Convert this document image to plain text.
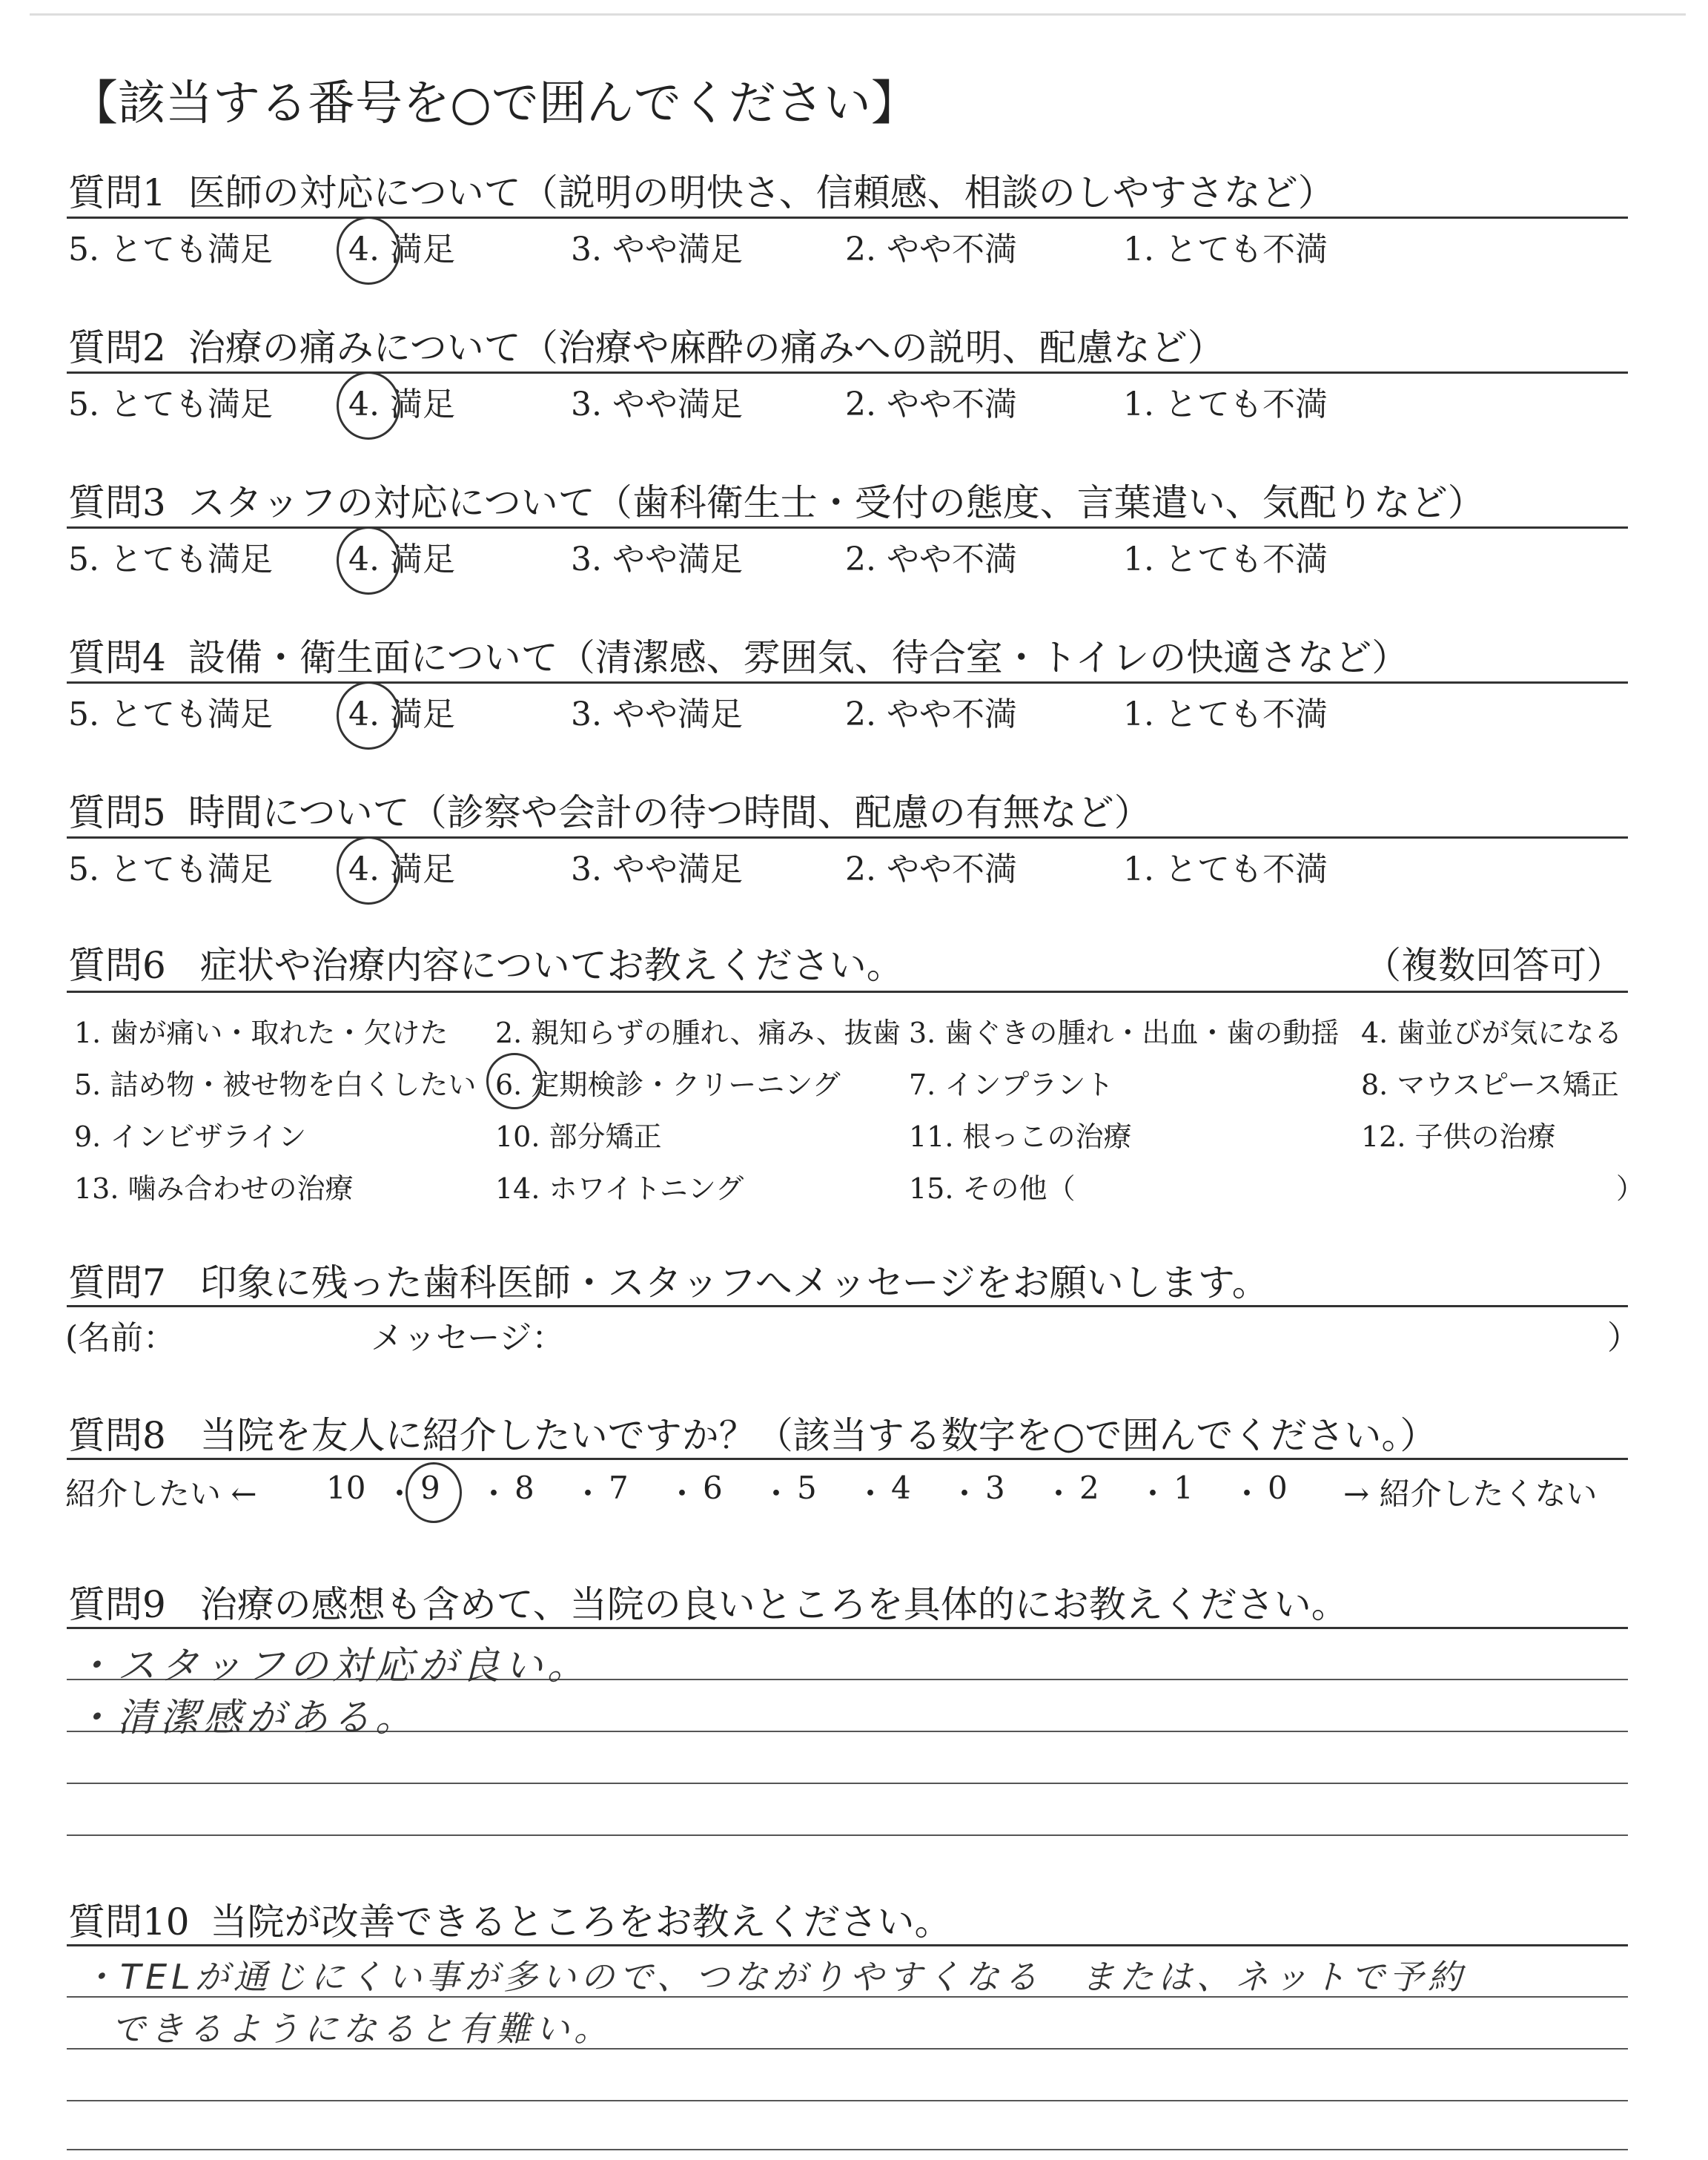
【該当する番号を○で囲んでください】
質問1 医師の対応について（説明の明快さ、信頼感、相談のしやすさなど）
5. とても満足 4. 満足	3. やや満足	2. やや不満	1. とても不満
質問2 治療の痛みについて（治療や麻酔の痛みへの説明、配慮など）
5. とても満足 4. 満足	3. やや満足	2. やや不満	1. とても不満
質問3 スタッフの対応について（歯科衛生士・受付の態度、言葉遣い、気配りなど）
5. とても満足 4. 満足	3. やや満足	2. やや不満	1. とても不満
質問4 設備・衛生面について（清潔感、雰囲気、待合室・トイレの快適さなど）
5. とても満足 4. 満足	3. やや満足	2. やや不満	1. とても不満
質問5 時間について（診察や会計の待つ時間、配慮の有無など）
5. とても満足 4. 満足	3. やや満足	2. やや不満	1. とても不満
質問6 症状や治療内容についてお教えください。	（複数回答可）
1. 歯が痛い・取れた・欠けた 2. 親知らずの腫れ、痛み、抜歯 3. 歯ぐきの腫れ・出血・歯の動揺 4. 歯並びが気になる
5. 詰め物・被せ物を白くしたい 6. 定期検診・クリーニング 7. インプラント	8. マウスピース矯正
9. インビザライン	10. 部分矯正	11. 根っこの治療	12. 子供の治療
13. 噛み合わせの治療	14. ホワイトニング	15. その他（	）
質問7 印象に残った歯科医師・スタッフへメッセージをお願いします。
(名前：	メッセージ：	）
質問8 当院を友人に紹介したいですか？（該当する数字を○で囲んでください。）
紹介したい ← 10 ・ 9 ・ 8 ・ 7 ・ 6 ・ 5 ・ 4 ・ 3 ・ 2 ・ 1 ・ 0 → 紹介したくない
質問9 治療の感想も含めて、当院の良いところを具体的にお教えください。
・スタッフの対応が良い。
・清潔感がある。
質問10 当院が改善できるところをお教えください。
・TELが通じにくい事が多いので、つながりやすくなる　または、ネットで予約
できるようになると有難い。
